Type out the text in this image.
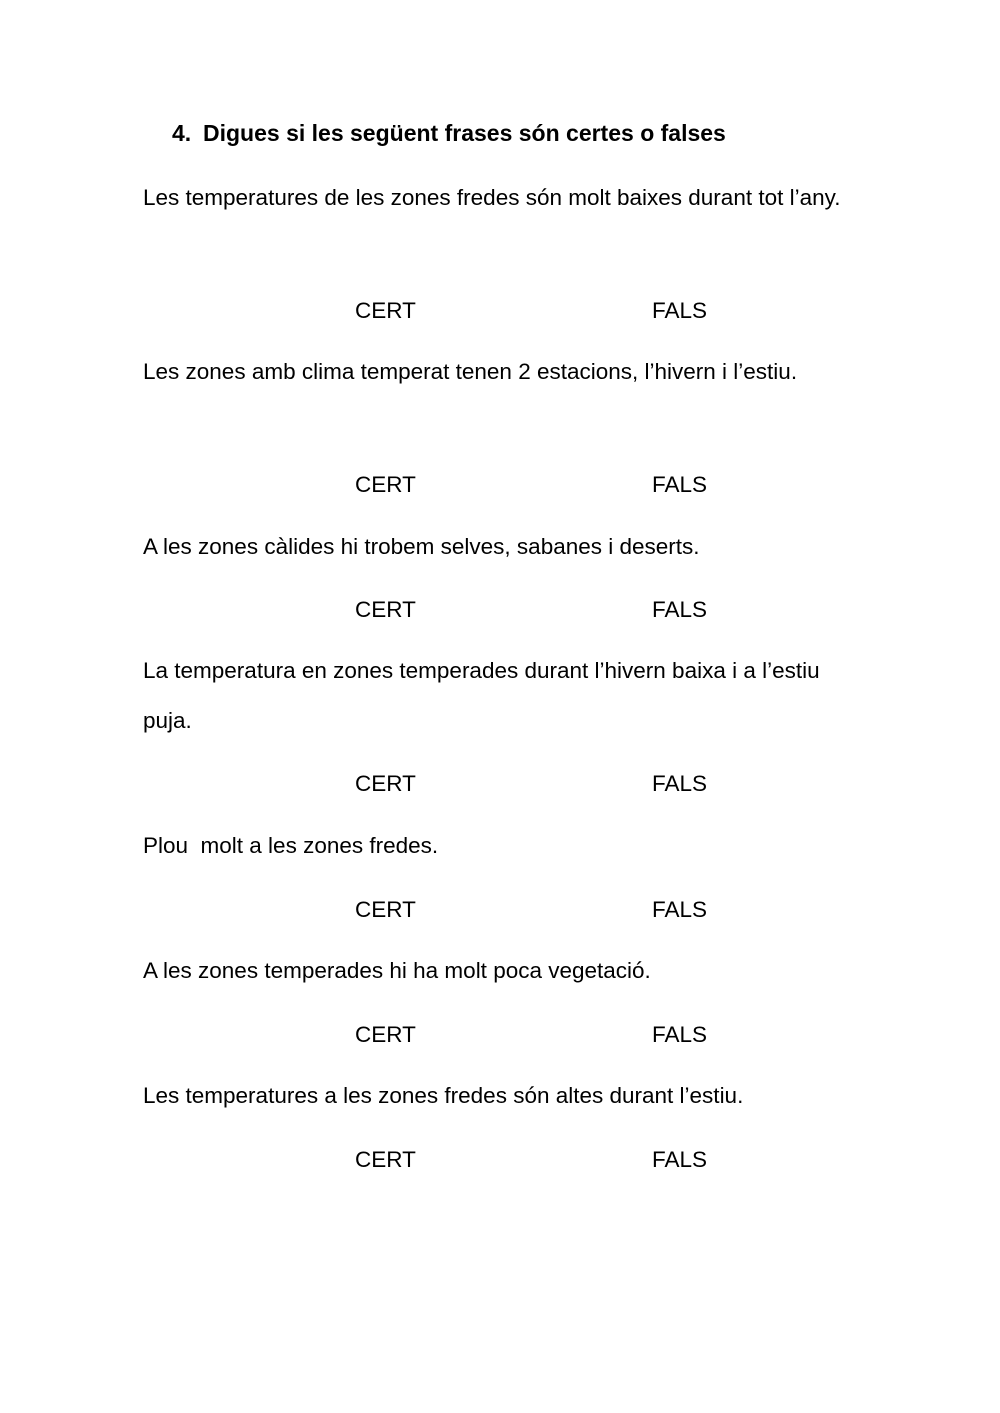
4. Digues si les següent frases són certes o falses

Les temperatures de les zones fredes són molt baixes durant tot l’any.

CERT	FALS

Les zones amb clima temperat tenen 2 estacions, l’hivern i l’estiu.

CERT	FALS

A les zones càlides hi trobem selves, sabanes i deserts.

CERT	FALS

La temperatura en zones temperades durant l’hivern baixa i a l’estiu puja.

CERT	FALS

Plou  molt a les zones fredes.

CERT	FALS

A les zones temperades hi ha molt poca vegetació.

CERT	FALS

Les temperatures a les zones fredes són altes durant l’estiu.

CERT	FALS
